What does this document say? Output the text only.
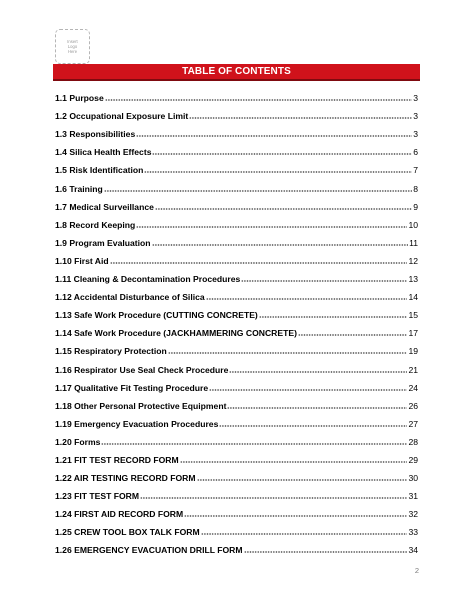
Insert
Logo
Here
TABLE OF CONTENTS
1.1 Purpose	3
1.2 Occupational Exposure Limit	3
1.3 Responsibilities	3
1.4 Silica Health Effects	6
1.5 Risk Identification	7
1.6 Training	8
1.7 Medical Surveillance	9
1.8 Record Keeping	10
1.9 Program Evaluation	11
1.10 First Aid	12
1.11 Cleaning & Decontamination Procedures	13
1.12 Accidental Disturbance of Silica	14
1.13 Safe Work Procedure (CUTTING CONCRETE)	15
1.14 Safe Work Procedure (JACKHAMMERING CONCRETE)	17
1.15 Respiratory Protection	19
1.16 Respirator Use Seal Check Procedure	21
1.17 Qualitative Fit Testing Procedure	24
1.18 Other Personal Protective Equipment	26
1.19 Emergency Evacuation Procedures	27
1.20 Forms	28
1.21 FIT TEST RECORD FORM	29
1.22 AIR TESTING RECORD FORM	30
1.23 FIT TEST FORM	31
1.24 FIRST AID RECORD FORM	32
1.25 CREW TOOL BOX TALK FORM	33
1.26 EMERGENCY EVACUATION DRILL FORM	34
2
